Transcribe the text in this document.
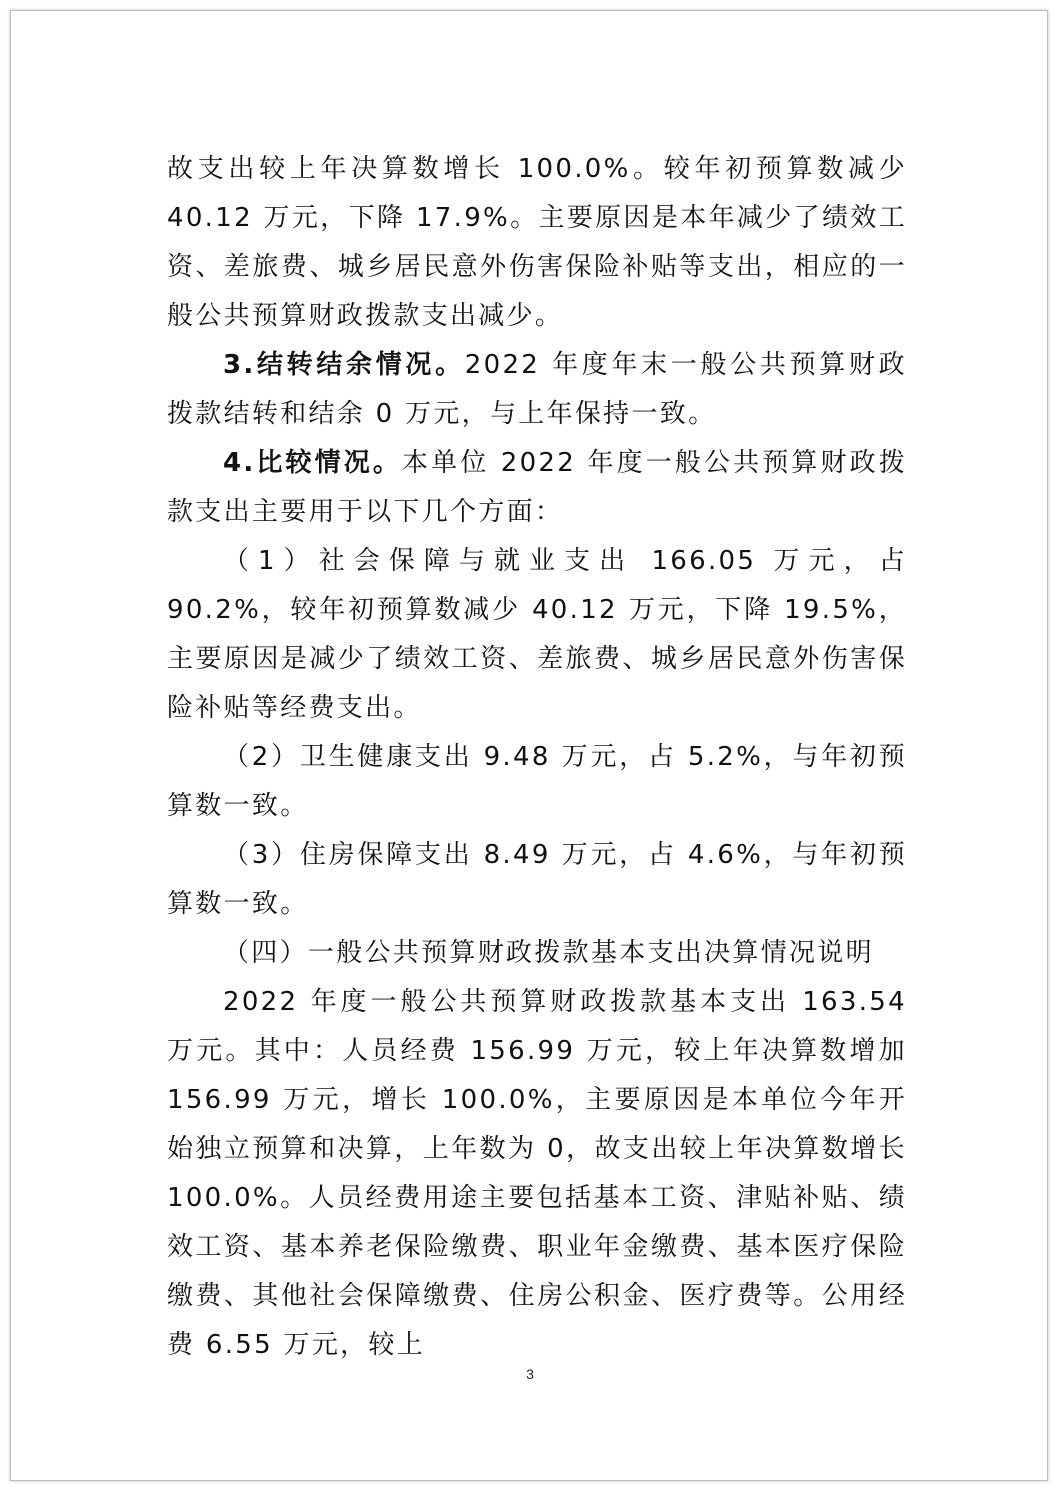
故支出较上年决算数增长 100.0%。较年初预算数减少 40.12 万元，下降 17.9%。主要原因是本年减少了绩效工资、差旅费、城乡居民意外伤害保险补贴等支出，相应的一般公共预算财政拨款支出减少。

3.结转结余情况。2022 年度年末一般公共预算财政拨款结转和结余 0 万元，与上年保持一致。

4.比较情况。本单位 2022 年度一般公共预算财政拨款支出主要用于以下几个方面：

（1）社会保障与就业支出 166.05 万元，占 90.2%，较年初预算数减少 40.12 万元，下降 19.5%，主要原因是减少了绩效工资、差旅费、城乡居民意外伤害保险补贴等经费支出。

（2）卫生健康支出 9.48 万元，占 5.2%，与年初预算数一致。

（3）住房保障支出 8.49 万元，占 4.6%，与年初预算数一致。

（四）一般公共预算财政拨款基本支出决算情况说明

2022 年度一般公共预算财政拨款基本支出 163.54 万元。其中：人员经费 156.99 万元，较上年决算数增加 156.99 万元，增长 100.0%，主要原因是本单位今年开始独立预算和决算，上年数为 0，故支出较上年决算数增长 100.0%。人员经费用途主要包括基本工资、津贴补贴、绩效工资、基本养老保险缴费、职业年金缴费、基本医疗保险缴费、其他社会保障缴费、住房公积金、医疗费等。公用经费 6.55 万元，较上

3
